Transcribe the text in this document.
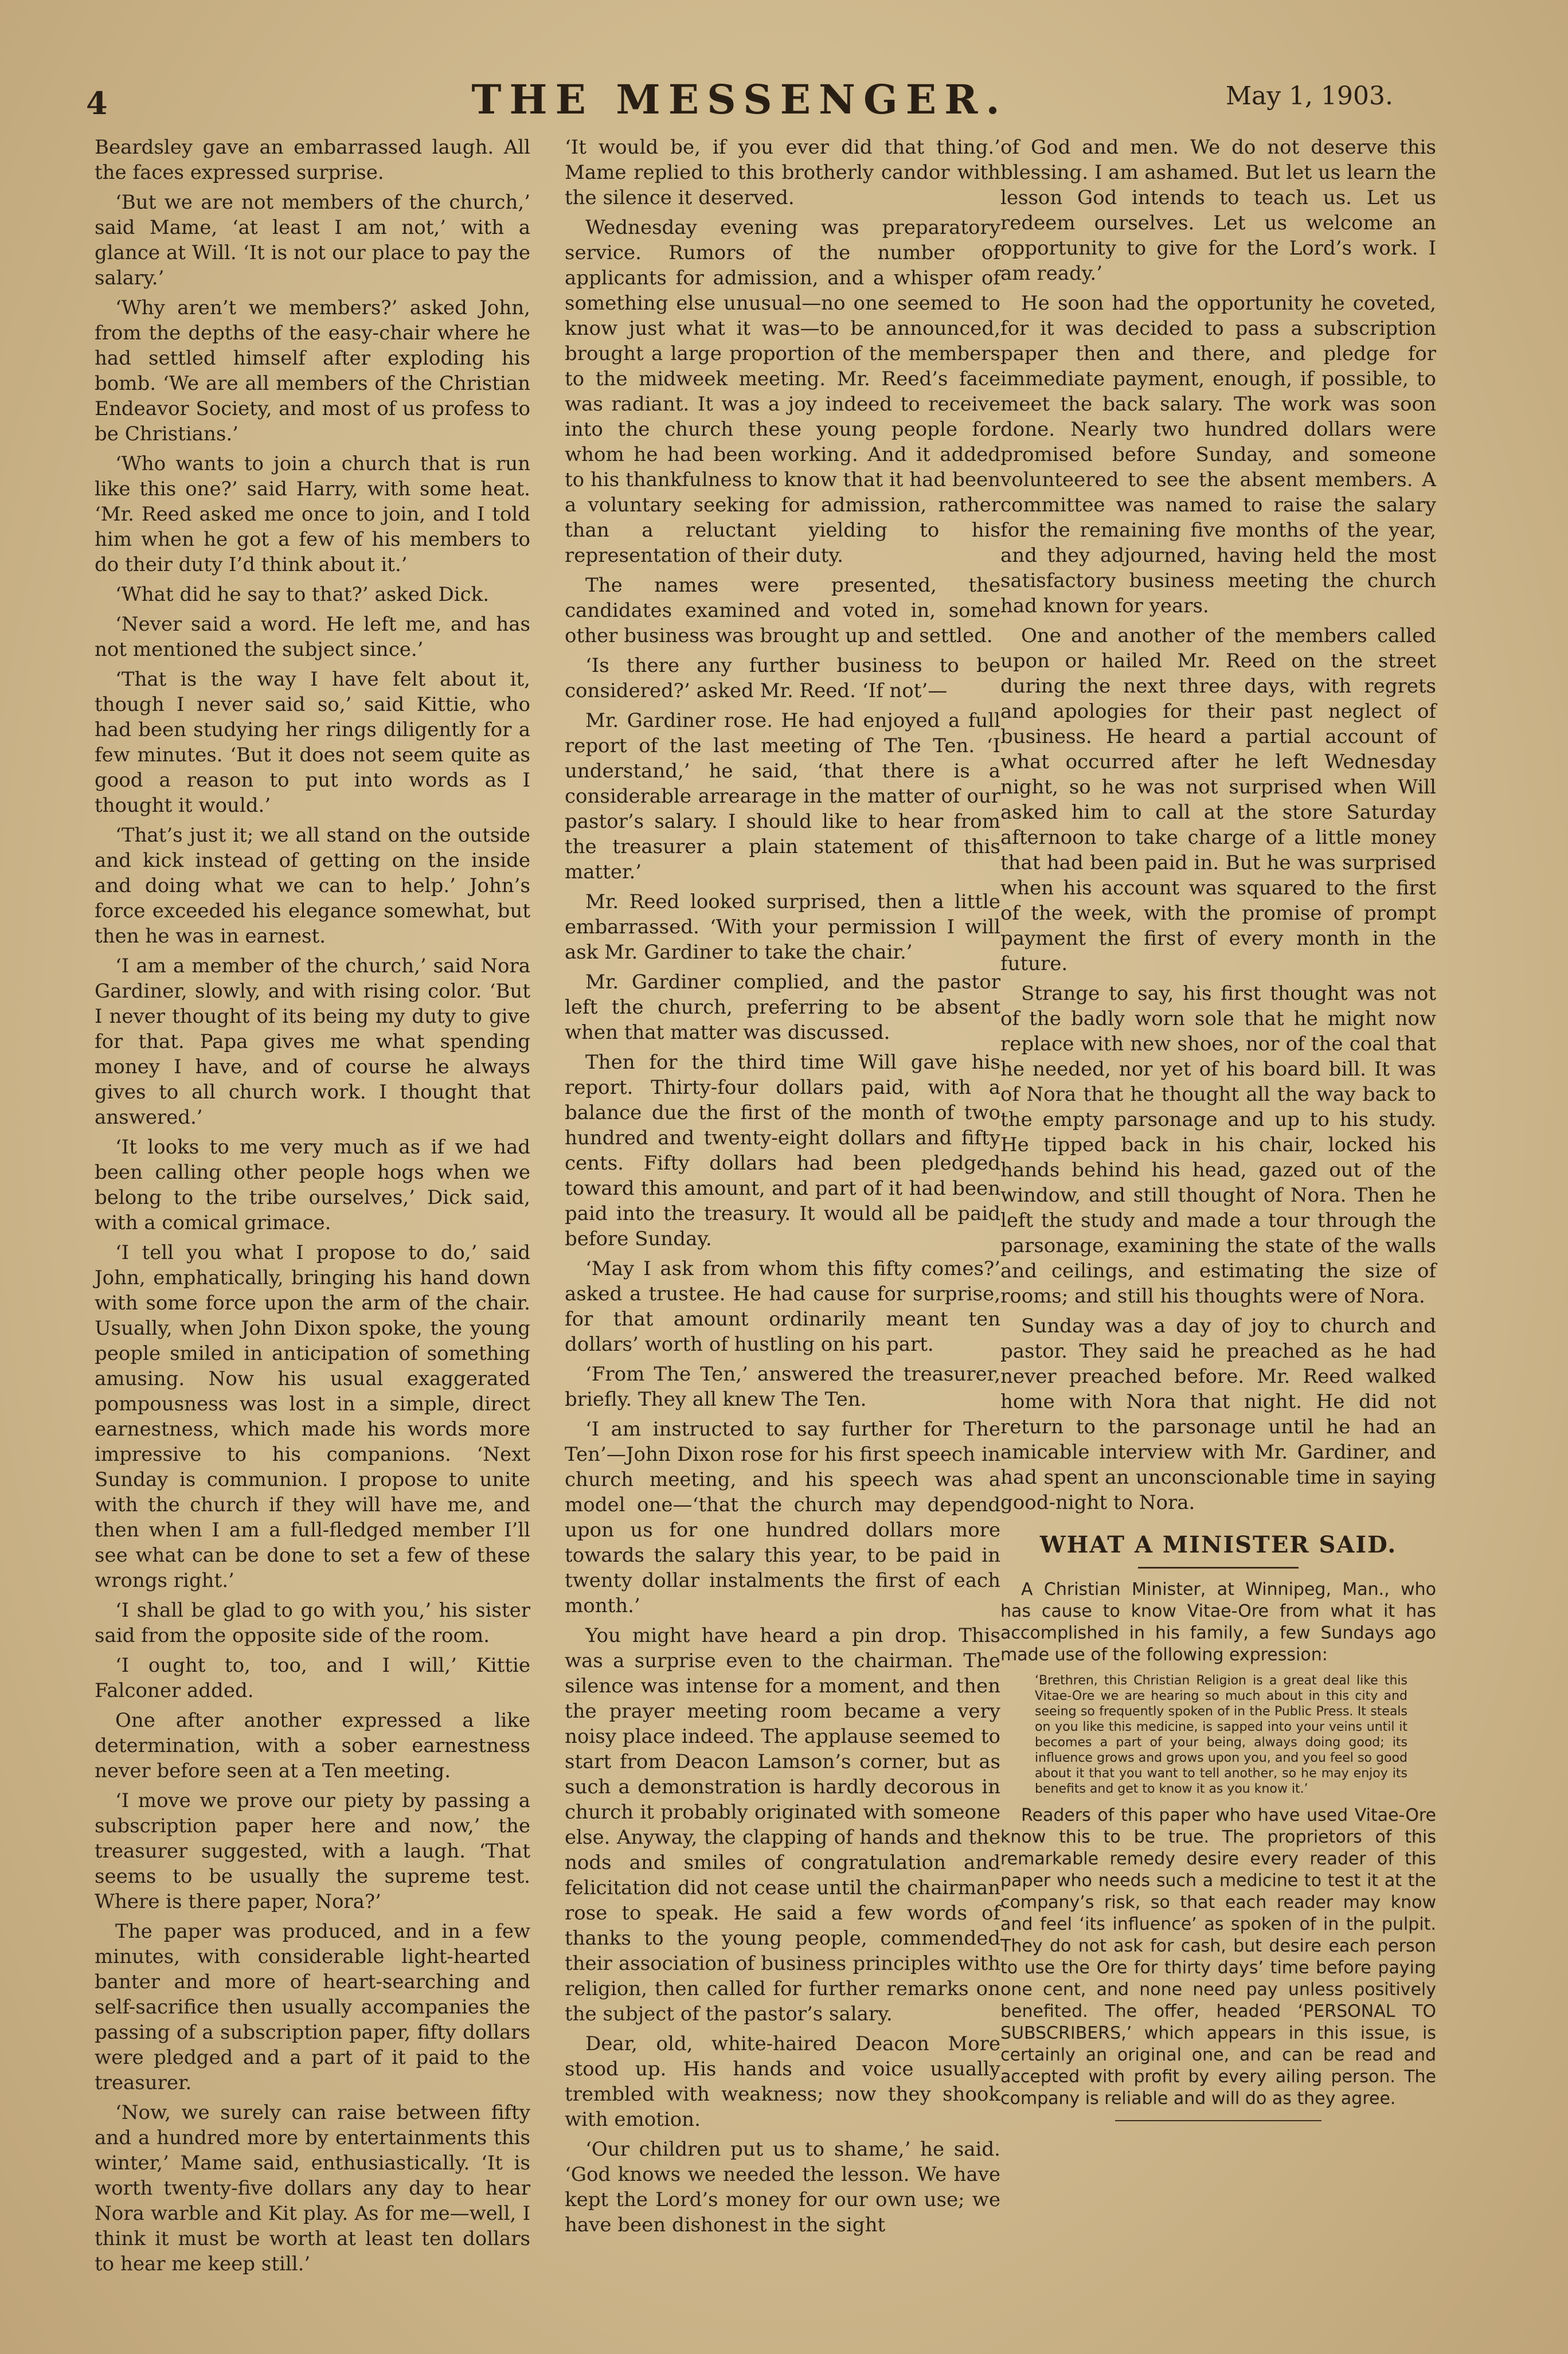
4	THE MESSENGER.	May 1, 1903.

Beardsley gave an embarrassed laugh. All the faces expressed surprise.

‘But we are not members of the church,’ said Mame, ‘at least I am not,’ with a glance at Will. ‘It is not our place to pay the salary.’

‘Why aren’t we members?’ asked John, from the depths of the easy-chair where he had settled himself after exploding his bomb. ‘We are all members of the Christian Endeavor Society, and most of us profess to be Christians.’

‘Who wants to join a church that is run like this one?’ said Harry, with some heat. ‘Mr. Reed asked me once to join, and I told him when he got a few of his members to do their duty I’d think about it.’

‘What did he say to that?’ asked Dick.

‘Never said a word. He left me, and has not mentioned the subject since.’

‘That is the way I have felt about it, though I never said so,’ said Kittie, who had been studying her rings diligently for a few minutes. ‘But it does not seem quite as good a reason to put into words as I thought it would.’

‘That’s just it; we all stand on the outside and kick instead of getting on the inside and doing what we can to help.’ John’s force exceeded his elegance somewhat, but then he was in earnest.

‘I am a member of the church,’ said Nora Gardiner, slowly, and with rising color. ‘But I never thought of its being my duty to give for that. Papa gives me what spending money I have, and of course he always gives to all church work. I thought that answered.’

‘It looks to me very much as if we had been calling other people hogs when we belong to the tribe ourselves,’ Dick said, with a comical grimace.

‘I tell you what I propose to do,’ said John, emphatically, bringing his hand down with some force upon the arm of the chair. Usually, when John Dixon spoke, the young people smiled in anticipation of something amusing. Now his usual exaggerated pompousness was lost in a simple, direct earnestness, which made his words more impressive to his companions. ‘Next Sunday is communion. I propose to unite with the church if they will have me, and then when I am a full-fledged member I’ll see what can be done to set a few of these wrongs right.’

‘I shall be glad to go with you,’ his sister said from the opposite side of the room.

‘I ought to, too, and I will,’ Kittie Falconer added.

One after another expressed a like determination, with a sober earnestness never before seen at a Ten meeting.

‘I move we prove our piety by passing a subscription paper here and now,’ the treasurer suggested, with a laugh. ‘That seems to be usually the supreme test. Where is there paper, Nora?’

The paper was produced, and in a few minutes, with considerable light-hearted banter and more of heart-searching and self-sacrifice then usually accompanies the passing of a subscription paper, fifty dollars were pledged and a part of it paid to the treasurer.

‘Now, we surely can raise between fifty and a hundred more by entertainments this winter,’ Mame said, enthusiastically. ‘It is worth twenty-five dollars any day to hear Nora warble and Kit play. As for me—well, I think it must be worth at least ten dollars to hear me keep still.’

‘It would be, if you ever did that thing.’ Mame replied to this brotherly candor with the silence it deserved.

Wednesday evening was preparatory service. Rumors of the number of applicants for admission, and a whisper of something else unusual—no one seemed to know just what it was—to be announced, brought a large proportion of the members to the midweek meeting. Mr. Reed’s face was radiant. It was a joy indeed to receive into the church these young people for whom he had been working. And it added to his thankfulness to know that it had been a voluntary seeking for admission, rather than a reluctant yielding to his representation of their duty.

The names were presented, the candidates examined and voted in, some other business was brought up and settled.

‘Is there any further business to be considered?’ asked Mr. Reed. ‘If not’—

Mr. Gardiner rose. He had enjoyed a full report of the last meeting of The Ten. ‘I understand,’ he said, ‘that there is a considerable arrearage in the matter of our pastor’s salary. I should like to hear from the treasurer a plain statement of this matter.’

Mr. Reed looked surprised, then a little embarrassed. ‘With your permission I will ask Mr. Gardiner to take the chair.’

Mr. Gardiner complied, and the pastor left the church, preferring to be absent when that matter was discussed.

Then for the third time Will gave his report. Thirty-four dollars paid, with a balance due the first of the month of two hundred and twenty-eight dollars and fifty cents. Fifty dollars had been pledged toward this amount, and part of it had been paid into the treasury. It would all be paid before Sunday.

‘May I ask from whom this fifty comes?’ asked a trustee. He had cause for surprise, for that amount ordinarily meant ten dollars’ worth of hustling on his part.

‘From The Ten,’ answered the treasurer, briefly. They all knew The Ten.

‘I am instructed to say further for The Ten’—John Dixon rose for his first speech in church meeting, and his speech was a model one—‘that the church may depend upon us for one hundred dollars more towards the salary this year, to be paid in twenty dollar instalments the first of each month.’

You might have heard a pin drop. This was a surprise even to the chairman. The silence was intense for a moment, and then the prayer meeting room became a very noisy place indeed. The applause seemed to start from Deacon Lamson’s corner, but as such a demonstration is hardly decorous in church it probably originated with someone else. Anyway, the clapping of hands and the nods and smiles of congratulation and felicitation did not cease until the chairman rose to speak. He said a few words of thanks to the young people, commended their association of business principles with religion, then called for further remarks on the subject of the pastor’s salary.

Dear, old, white-haired Deacon More stood up. His hands and voice usually trembled with weakness; now they shook with emotion.

‘Our children put us to shame,’ he said. ‘God knows we needed the lesson. We have kept the Lord’s money for our own use; we have been dishonest in the sight

of God and men. We do not deserve this blessing. I am ashamed. But let us learn the lesson God intends to teach us. Let us redeem ourselves. Let us welcome an opportunity to give for the Lord’s work. I am ready.’

He soon had the opportunity he coveted, for it was decided to pass a subscription paper then and there, and pledge for immediate payment, enough, if possible, to meet the back salary. The work was soon done. Nearly two hundred dollars were promised before Sunday, and someone volunteered to see the absent members. A committee was named to raise the salary for the remaining five months of the year, and they adjourned, having held the most satisfactory business meeting the church had known for years.

One and another of the members called upon or hailed Mr. Reed on the street during the next three days, with regrets and apologies for their past neglect of business. He heard a partial account of what occurred after he left Wednesday night, so he was not surprised when Will asked him to call at the store Saturday afternoon to take charge of a little money that had been paid in. But he was surprised when his account was squared to the first of the week, with the promise of prompt payment the first of every month in the future.

Strange to say, his first thought was not of the badly worn sole that he might now replace with new shoes, nor of the coal that he needed, nor yet of his board bill. It was of Nora that he thought all the way back to the empty parsonage and up to his study. He tipped back in his chair, locked his hands behind his head, gazed out of the window, and still thought of Nora. Then he left the study and made a tour through the parsonage, examining the state of the walls and ceilings, and estimating the size of rooms; and still his thoughts were of Nora.

Sunday was a day of joy to church and pastor. They said he preached as he had never preached before. Mr. Reed walked home with Nora that night. He did not return to the parsonage until he had an amicable interview with Mr. Gardiner, and had spent an unconscionable time in saying good-night to Nora.

WHAT A MINISTER SAID.

A Christian Minister, at Winnipeg, Man., who has cause to know Vitae-Ore from what it has accomplished in his family, a few Sundays ago made use of the following expression:

‘Brethren, this Christian Religion is a great deal like this Vitae-Ore we are hearing so much about in this city and seeing so frequently spoken of in the Public Press. It steals on you like this medicine, is sapped into your veins until it becomes a part of your being, always doing good; its influence grows and grows upon you, and you feel so good about it that you want to tell another, so he may enjoy its benefits and get to know it as you know it.’

Readers of this paper who have used Vitae-Ore know this to be true. The proprietors of this remarkable remedy desire every reader of this paper who needs such a medicine to test it at the company’s risk, so that each reader may know and feel ‘its influence’ as spoken of in the pulpit. They do not ask for cash, but desire each person to use the Ore for thirty days’ time before paying one cent, and none need pay unless positively benefited. The offer, headed ‘PERSONAL TO SUBSCRIBERS,’ which appears in this issue, is certainly an original one, and can be read and accepted with profit by every ailing person. The company is reliable and will do as they agree.
